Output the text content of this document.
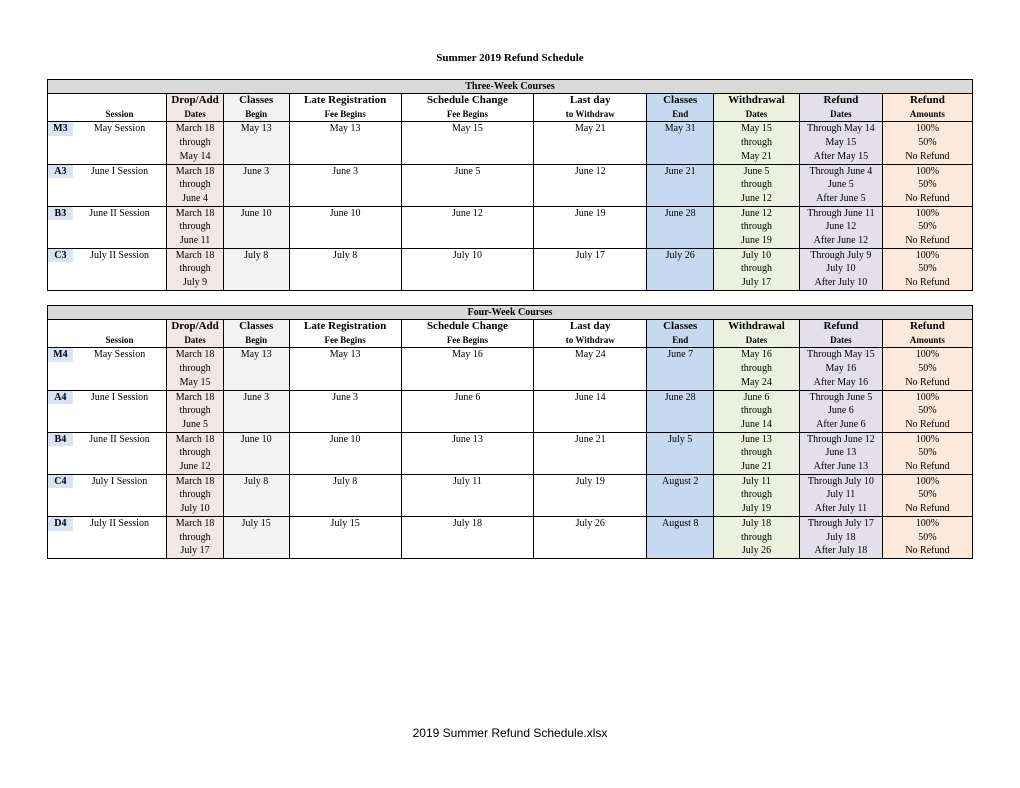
Summer 2019 Refund Schedule
Three-Week Courses										
		Drop/Add	Classes	Late Registration	Schedule Change	Last day	Classes	Withdrawal	Refund	Refund
	Session	Dates	Begin	Fee Begins	Fee Begins	to Withdraw	End	Dates	Dates	Amounts
M3	May Session	March 18	May 13	May 13	May 15	May 21	May 31	May 15	Through May 14	100%
		through						through	May 15	50%
		May 14						May 21	After May 15	No Refund
A3	June I Session	March 18	June 3	June 3	June 5	June 12	June 21	June 5	Through June 4	100%
		through						through	June 5	50%
		June 4						June 12	After June 5	No Refund
B3	June II Session	March 18	June 10	June 10	June 12	June 19	June 28	June 12	Through June 11	100%
		through						through	June 12	50%
		June 11						June 19	After June 12	No Refund
C3	July II Session	March 18	July 8	July 8	July 10	July 17	July 26	July 10	Through July 9	100%
		through						through	July 10	50%
		July 9						July 17	After July 10	No Refund
Four-Week Courses										
		Drop/Add	Classes	Late Registration	Schedule Change	Last day	Classes	Withdrawal	Refund	Refund
	Session	Dates	Begin	Fee Begins	Fee Begins	to Withdraw	End	Dates	Dates	Amounts
M4	May Session	March 18	May 13	May 13	May 16	May 24	June 7	May 16	Through May 15	100%
		through						through	May 16	50%
		May 15						May 24	After May 16	No Refund
A4	June I Session	March 18	June 3	June 3	June 6	June 14	June 28	June 6	Through June 5	100%
		through						through	June 6	50%
		June 5						June 14	After June 6	No Refund
B4	June II Session	March 18	June 10	June 10	June 13	June 21	July 5	June 13	Through June 12	100%
		through						through	June 13	50%
		June 12						June 21	After June 13	No Refund
C4	July I Session	March 18	July 8	July 8	July 11	July 19	August 2	July 11	Through July 10	100%
		through						through	July 11	50%
		July 10						July 19	After July 11	No Refund
D4	July II Session	March 18	July 15	July 15	July 18	July 26	August 8	July 18	Through July 17	100%
		through						through	July 18	50%
		July 17						July 26	After July 18	No Refund
2019 Summer Refund Schedule.xlsx
